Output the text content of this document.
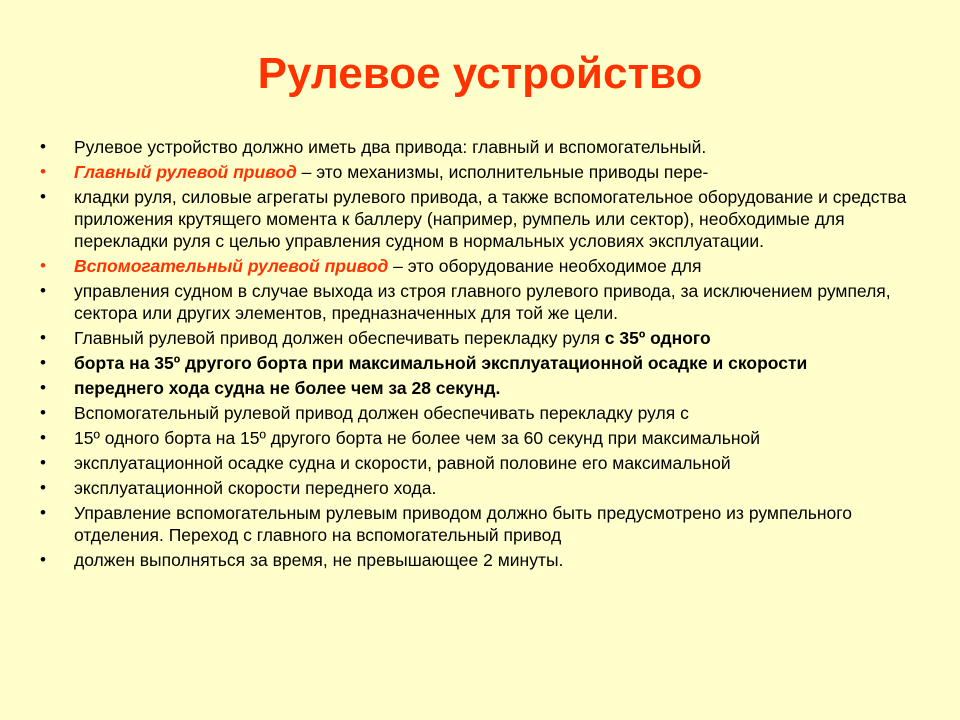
Рулевое устройство
• Рулевое устройство должно иметь два привода: главный и вспомогательный.
• Главный рулевой привод – это механизмы, исполнительные приводы пере-
• кладки руля, силовые агрегаты рулевого привода, а также вспомогательное оборудование и средства приложения крутящего момента к баллеру (например, румпель или сектор), необходимые для перекладки руля с целью управления судном в нормальных условиях эксплуатации.
• Вспомогательный рулевой привод – это оборудование необходимое для
• управления судном в случае выхода из строя главного рулевого привода, за исключением румпеля, сектора или других элементов, предназначенных для той же цели.
• Главный рулевой привод должен обеспечивать перекладку руля с 35º одного
• борта на 35º другого борта при максимальной эксплуатационной осадке и скорости
• переднего хода судна не более чем за 28 секунд.
• Вспомогательный рулевой привод должен обеспечивать перекладку руля с
• 15º одного борта на 15º другого борта не более чем за 60 секунд при максимальной
• эксплуатационной осадке судна и скорости, равной половине его максимальной
• эксплуатационной скорости переднего хода.
• Управление вспомогательным рулевым приводом должно быть предусмотрено из румпельного отделения. Переход с главного на вспомогательный привод
• должен выполняться за время, не превышающее 2 минуты.
